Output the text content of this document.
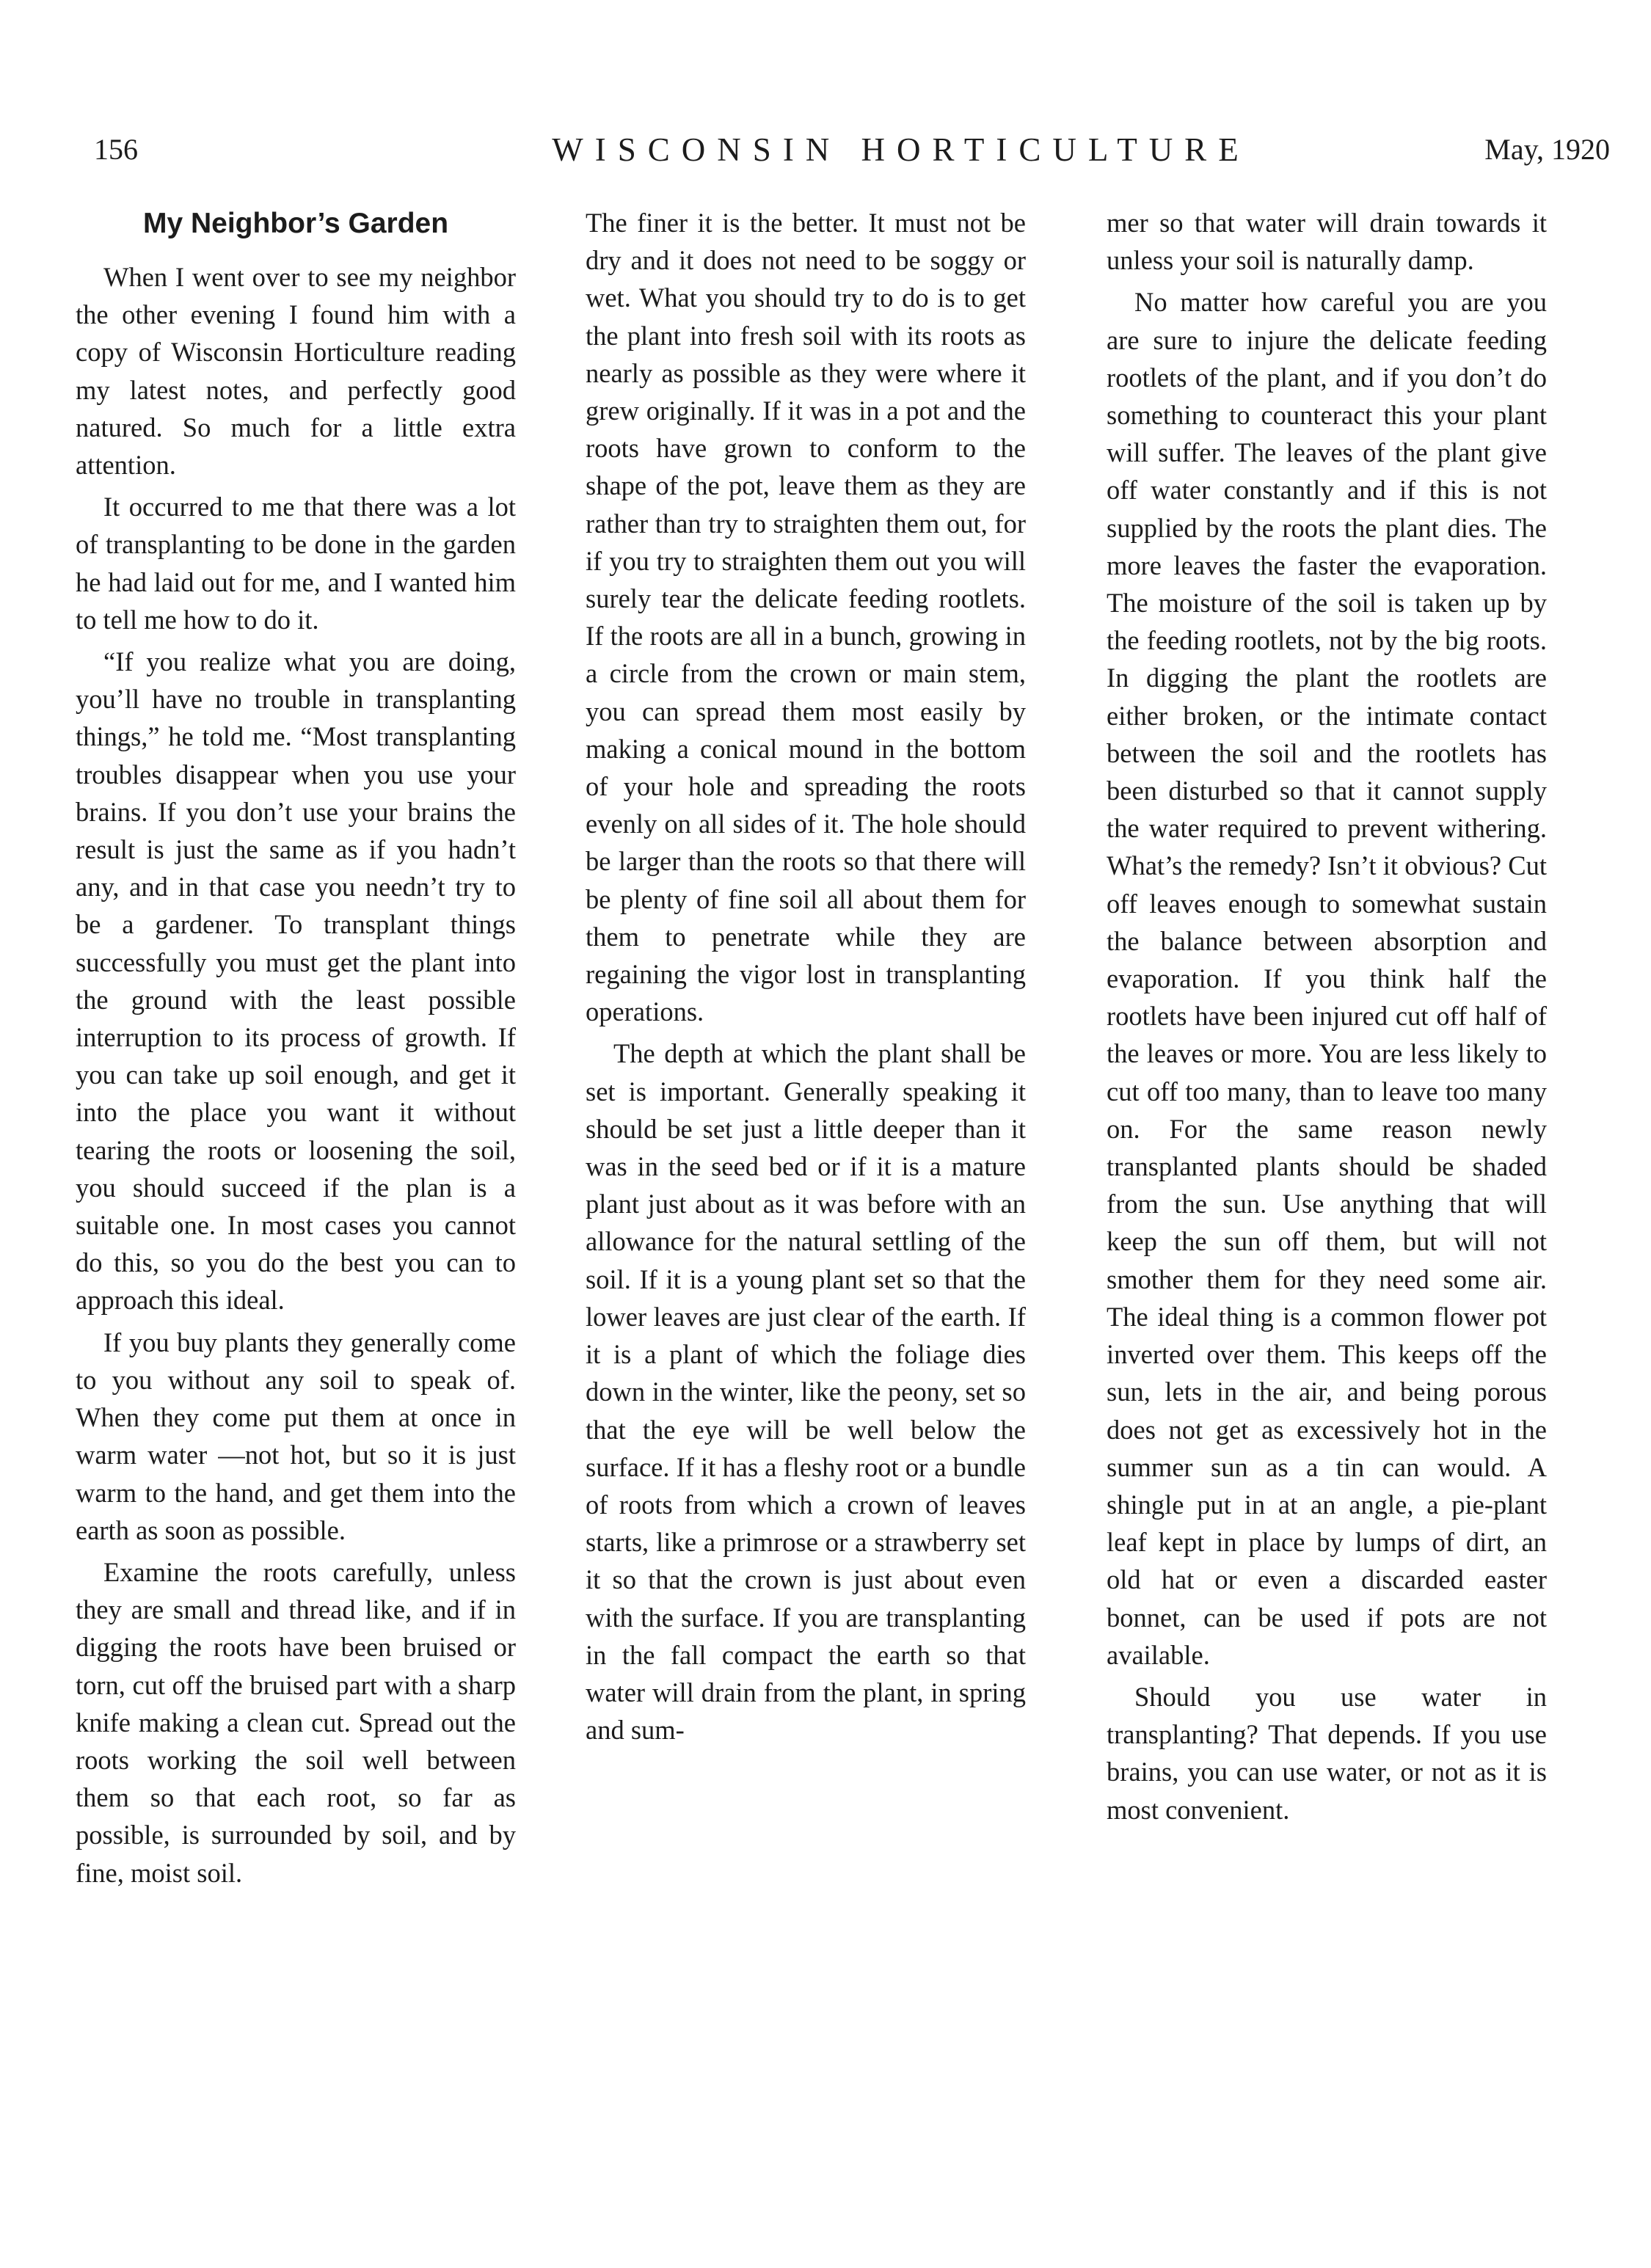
156	WISCONSIN HORTICULTURE	May, 1920
My Neighbor’s Garden

When I went over to see my neighbor the other evening I found him with a copy of Wisconsin Horticulture reading my latest notes, and perfectly good natured. So much for a little extra attention.

It occurred to me that there was a lot of transplanting to be done in the garden he had laid out for me, and I wanted him to tell me how to do it.

“If you realize what you are doing, you’ll have no trouble in transplanting things,” he told me. “Most transplanting troubles disappear when you use your brains. If you don’t use your brains the result is just the same as if you hadn’t any, and in that case you needn’t try to be a gardener. To transplant things successfully you must get the plant into the ground with the least possible interruption to its process of growth. If you can take up soil enough, and get it into the place you want it without tearing the roots or loosening the soil, you should succeed if the plan is a suitable one. In most cases you cannot do this, so you do the best you can to approach this ideal.

If you buy plants they generally come to you without any soil to speak of. When they come put them at once in warm water —not hot, but so it is just warm to the hand, and get them into the earth as soon as possible.

Examine the roots carefully, unless they are small and thread like, and if in digging the roots have been bruised or torn, cut off the bruised part with a sharp knife making a clean cut. Spread out the roots working the soil well between them so that each root, so far as possible, is surrounded by soil, and by fine, moist soil.

The finer it is the better. It must not be dry and it does not need to be soggy or wet. What you should try to do is to get the plant into fresh soil with its roots as nearly as possible as they were where it grew originally. If it was in a pot and the roots have grown to conform to the shape of the pot, leave them as they are rather than try to straighten them out, for if you try to straighten them out you will surely tear the delicate feeding rootlets. If the roots are all in a bunch, growing in a circle from the crown or main stem, you can spread them most easily by making a conical mound in the bottom of your hole and spreading the roots evenly on all sides of it. The hole should be larger than the roots so that there will be plenty of fine soil all about them for them to penetrate while they are regaining the vigor lost in transplanting operations.

The depth at which the plant shall be set is important. Generally speaking it should be set just a little deeper than it was in the seed bed or if it is a mature plant just about as it was before with an allowance for the natural settling of the soil. If it is a young plant set so that the lower leaves are just clear of the earth. If it is a plant of which the foliage dies down in the winter, like the peony, set so that the eye will be well below the surface. If it has a fleshy root or a bundle of roots from which a crown of leaves starts, like a primrose or a strawberry set it so that the crown is just about even with the surface. If you are transplanting in the fall compact the earth so that water will drain from the plant, in spring and sum-

mer so that water will drain towards it unless your soil is naturally damp.

No matter how careful you are you are sure to injure the delicate feeding rootlets of the plant, and if you don’t do something to counteract this your plant will suffer. The leaves of the plant give off water constantly and if this is not supplied by the roots the plant dies. The more leaves the faster the evaporation. The moisture of the soil is taken up by the feeding rootlets, not by the big roots. In digging the plant the rootlets are either broken, or the intimate contact between the soil and the rootlets has been disturbed so that it cannot supply the water required to prevent withering. What’s the remedy? Isn’t it obvious? Cut off leaves enough to somewhat sustain the balance between absorption and evaporation. If you think half the rootlets have been injured cut off half of the leaves or more. You are less likely to cut off too many, than to leave too many on. For the same reason newly transplanted plants should be shaded from the sun. Use anything that will keep the sun off them, but will not smother them for they need some air. The ideal thing is a common flower pot inverted over them. This keeps off the sun, lets in the air, and being porous does not get as excessively hot in the summer sun as a tin can would. A shingle put in at an angle, a pie-plant leaf kept in place by lumps of dirt, an old hat or even a discarded easter bonnet, can be used if pots are not available.

Should you use water in transplanting? That depends. If you use brains, you can use water, or not as it is most convenient.
